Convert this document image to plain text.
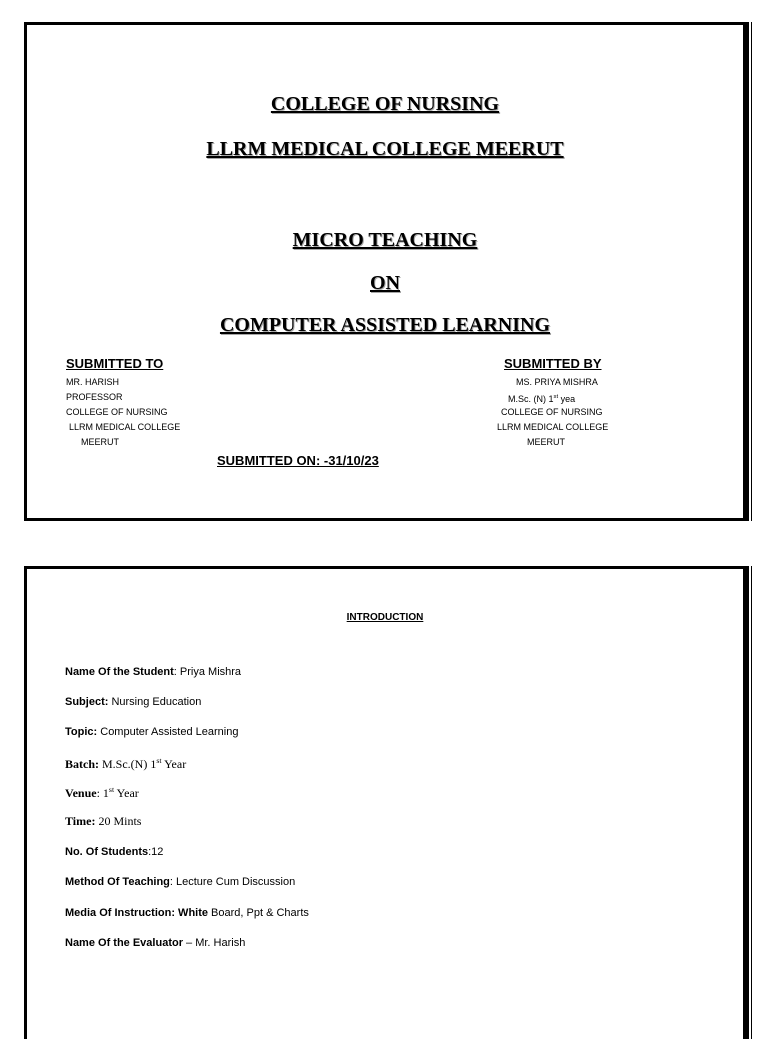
COLLEGE OF NURSING

LLRM MEDICAL COLLEGE MEERUT

MICRO TEACHING

ON

COMPUTER ASSISTED LEARNING

SUBMITTED TO

MR. HARISH

PROFESSOR

COLLEGE OF NURSING

LLRM MEDICAL COLLEGE

MEERUT

SUBMITTED BY

MS. PRIYA MISHRA

M.Sc. (N) 1st yea

COLLEGE OF NURSING

LLRM MEDICAL COLLEGE

MEERUT

SUBMITTED ON: -31/10/23

INTRODUCTION

Name Of the Student: Priya Mishra

Subject: Nursing Education

Topic: Computer Assisted Learning

Batch: M.Sc.(N) 1st Year

Venue: 1st Year

Time: 20 Mints

No. Of Students:12

Method Of Teaching: Lecture Cum Discussion

Media Of Instruction: White Board, Ppt & Charts

Name Of the Evaluator – Mr. Harish
